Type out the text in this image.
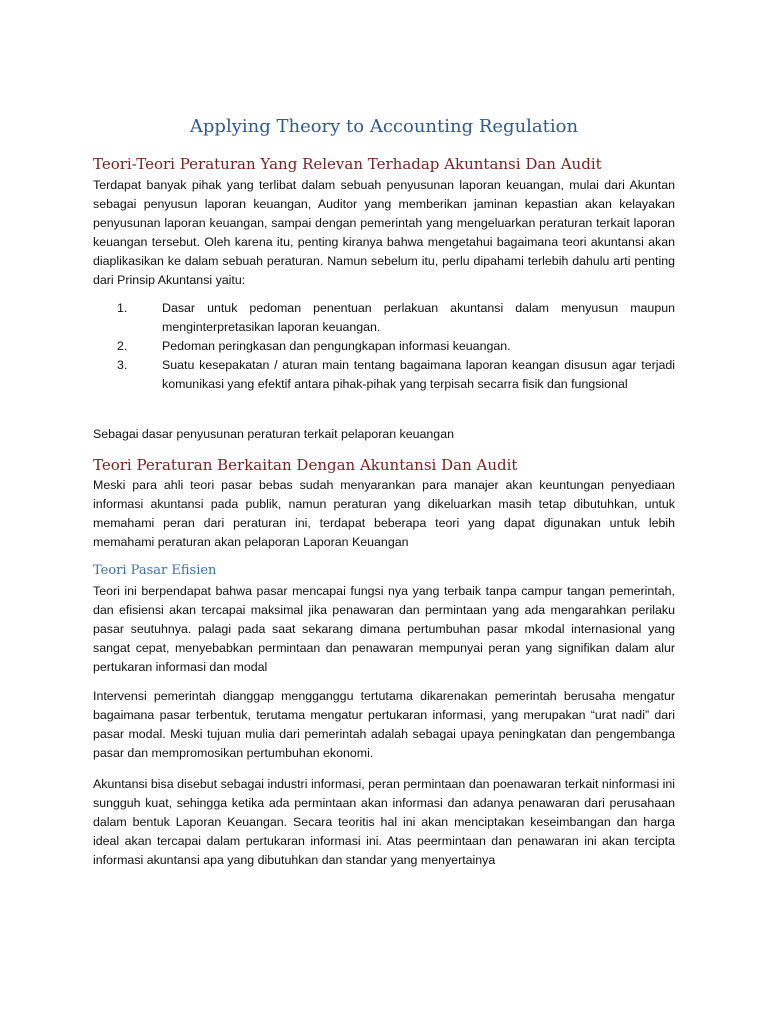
Applying Theory to Accounting Regulation
Teori-Teori Peraturan Yang Relevan Terhadap Akuntansi Dan Audit

Terdapat banyak pihak yang terlibat dalam sebuah penyusunan laporan keuangan, mulai dari Akuntan sebagai penyusun laporan keuangan, Auditor yang memberikan jaminan kepastian akan kelayakan penyusunan laporan keuangan, sampai dengan pemerintah yang mengeluarkan peraturan terkait laporan keuangan tersebut. Oleh karena itu, penting kiranya bahwa mengetahui bagaimana teori akuntansi akan diaplikasikan ke dalam sebuah peraturan. Namun sebelum itu, perlu dipahami terlebih dahulu arti penting dari Prinsip Akuntansi yaitu:

1.	Dasar untuk pedoman penentuan perlakuan akuntansi dalam menyusun maupun menginterpretasikan laporan keuangan.
2.	Pedoman peringkasan dan pengungkapan informasi keuangan.
3.	Suatu kesepakatan / aturan main tentang bagaimana laporan keangan disusun agar terjadi komunikasi yang efektif antara pihak-pihak yang terpisah secarra fisik dan fungsional

Sebagai dasar penyusunan peraturan terkait pelaporan keuangan

Teori Peraturan Berkaitan Dengan Akuntansi Dan Audit

Meski para ahli teori pasar bebas sudah menyarankan para manajer akan keuntungan penyediaan informasi akuntansi pada publik, namun peraturan yang dikeluarkan masih tetap dibutuhkan, untuk memahami peran dari peraturan ini, terdapat beberapa teori yang dapat digunakan untuk lebih memahami peraturan akan pelaporan Laporan Keuangan

Teori Pasar Efisien

Teori ini berpendapat bahwa pasar mencapai fungsi nya yang terbaik tanpa campur tangan pemerintah, dan efisiensi akan tercapai maksimal jika penawaran dan permintaan yang ada mengarahkan perilaku pasar seutuhnya. palagi pada saat sekarang dimana pertumbuhan pasar mkodal internasional yang sangat cepat, menyebabkan permintaan dan penawaran mempunyai peran yang signifikan dalam alur pertukaran informasi dan modal

Intervensi pemerintah dianggap mengganggu tertutama dikarenakan pemerintah berusaha mengatur bagaimana pasar terbentuk, terutama mengatur pertukaran informasi, yang merupakan “urat nadi” dari pasar modal. Meski tujuan mulia dari pemerintah adalah sebagai upaya peningkatan dan pengembanga pasar dan mempromosikan pertumbuhan ekonomi.

Akuntansi bisa disebut sebagai industri informasi, peran permintaan dan poenawaran terkait ninformasi ini sungguh kuat, sehingga ketika ada permintaan akan informasi dan adanya penawaran dari perusahaan dalam bentuk Laporan Keuangan. Secara teoritis hal ini akan menciptakan keseimbangan dan harga ideal akan tercapai dalam pertukaran informasi ini. Atas peermintaan dan penawaran ini akan tercipta informasi akuntansi apa yang dibutuhkan dan standar yang menyertainya
